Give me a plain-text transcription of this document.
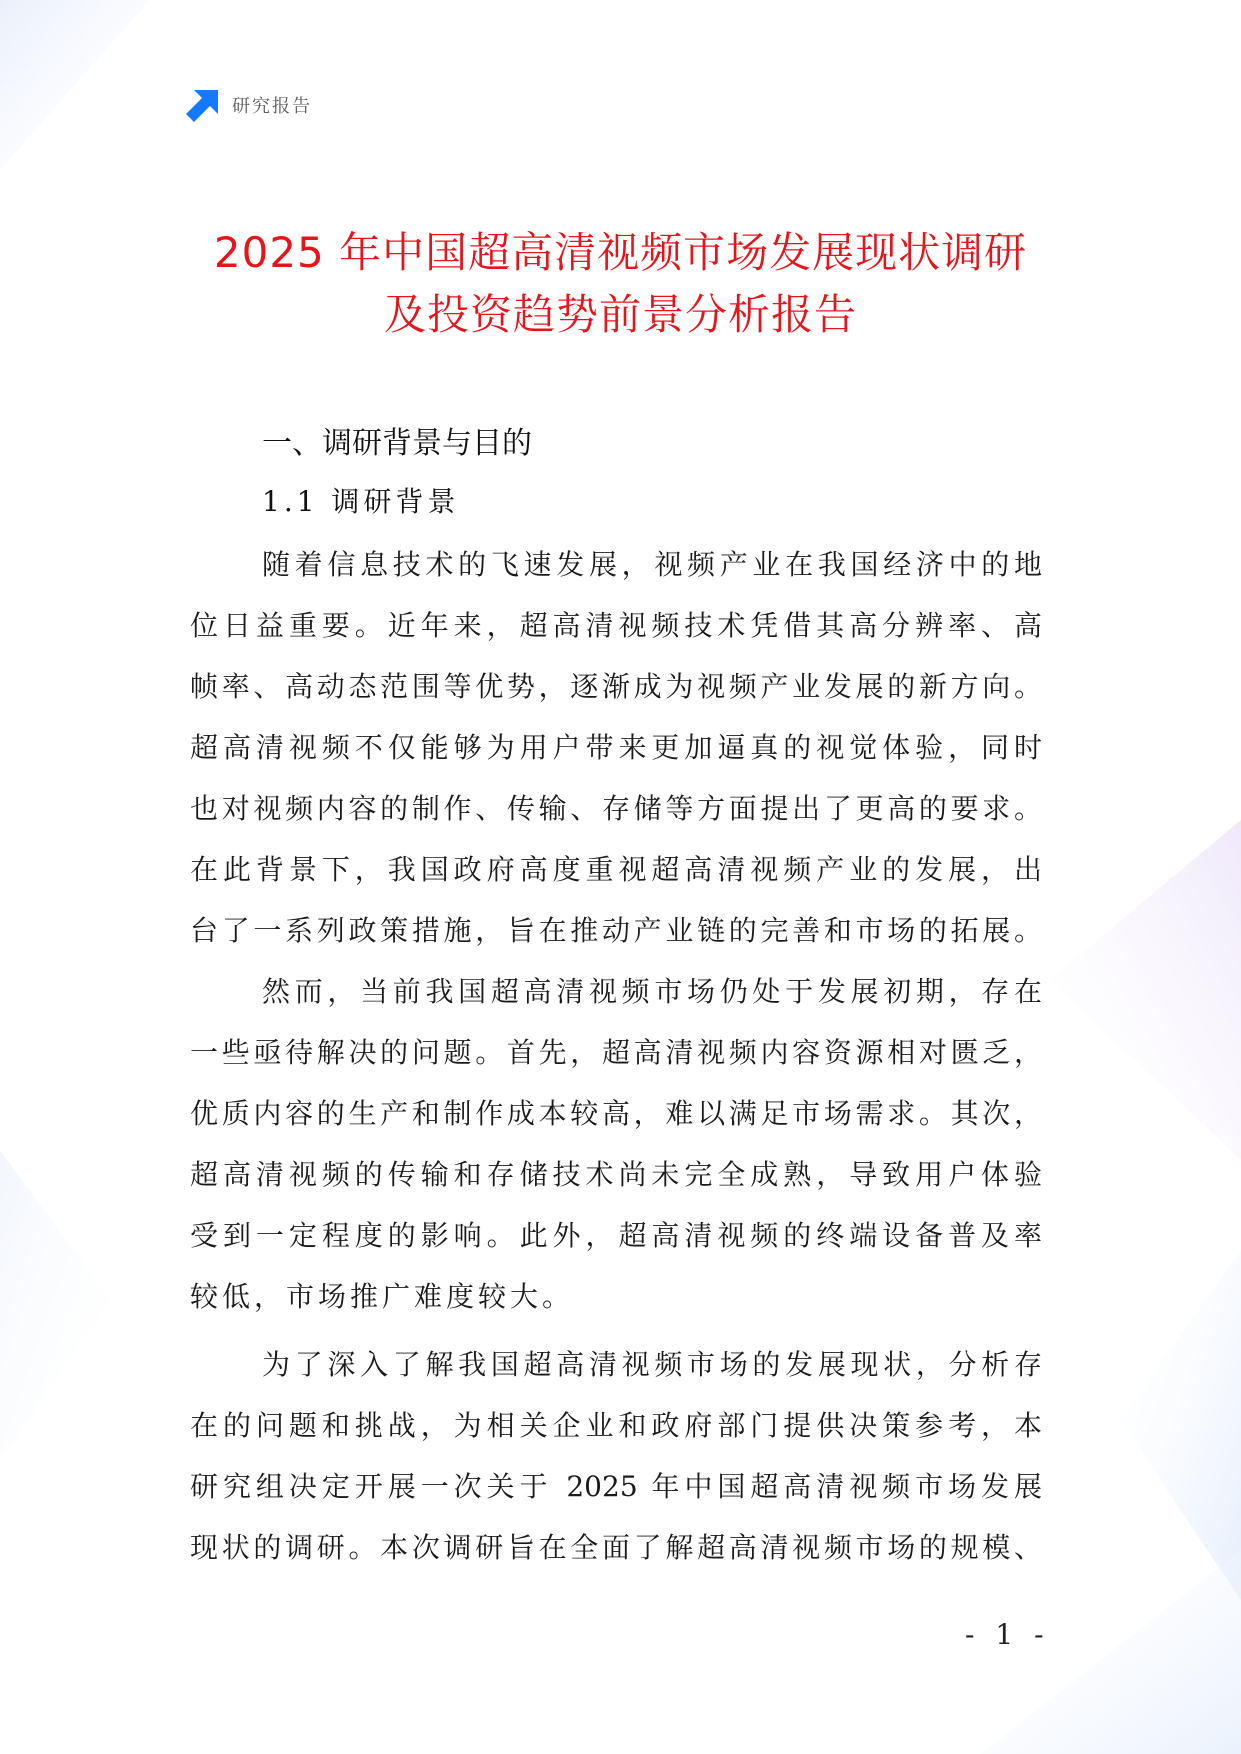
研究报告
2025 年中国超高清视频市场发展现状调研
及投资趋势前景分析报告
一、调研背景与目的
1.1 调研背景
随着信息技术的飞速发展，视频产业在我国经济中的地
位日益重要。近年来，超高清视频技术凭借其高分辨率、高
帧率、高动态范围等优势，逐渐成为视频产业发展的新方向。
超高清视频不仅能够为用户带来更加逼真的视觉体验，同时
也对视频内容的制作、传输、存储等方面提出了更高的要求。
在此背景下，我国政府高度重视超高清视频产业的发展，出
台了一系列政策措施，旨在推动产业链的完善和市场的拓展。
然而，当前我国超高清视频市场仍处于发展初期，存在
一些亟待解决的问题。首先，超高清视频内容资源相对匮乏，
优质内容的生产和制作成本较高，难以满足市场需求。其次，
超高清视频的传输和存储技术尚未完全成熟，导致用户体验
受到一定程度的影响。此外，超高清视频的终端设备普及率
较低，市场推广难度较大。
为了深入了解我国超高清视频市场的发展现状，分析存
在的问题和挑战，为相关企业和政府部门提供决策参考，本
研究组决定开展一次关于 2025 年中国超高清视频市场发展
现状的调研。本次调研旨在全面了解超高清视频市场的规模、
- 1 -
